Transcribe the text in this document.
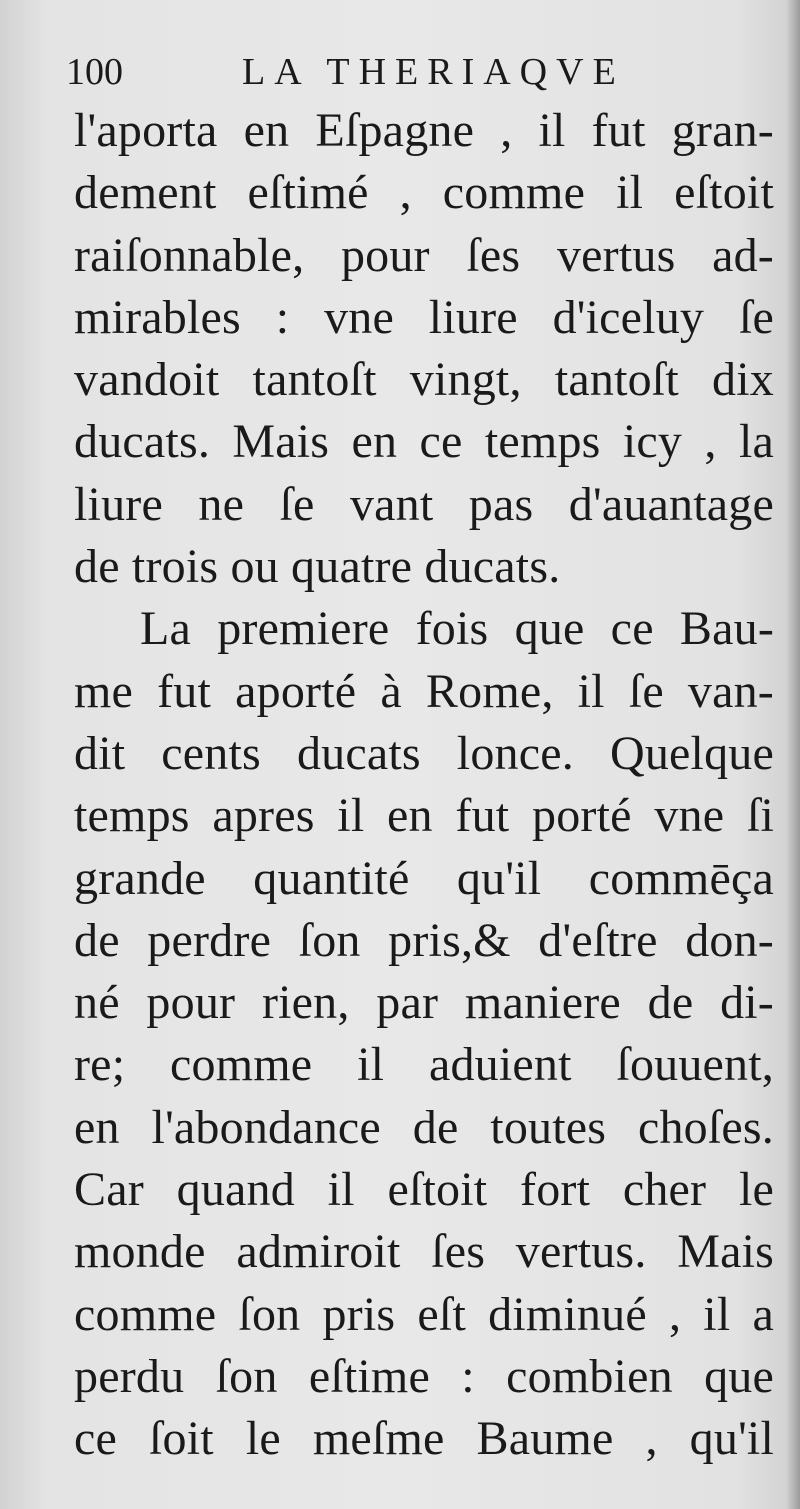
100	LA THERIAQVE
l'aporta en Eſpagne , il fut gran-
dement eſtimé , comme il eſtoit
raiſonnable, pour ſes vertus ad-
mirables : vne liure d'iceluy ſe
vandoit tantoſt vingt, tantoſt dix
ducats. Mais en ce temps icy , la
liure ne ſe vant pas d'auantage
de trois ou quatre ducats.
La premiere fois que ce Bau-
me fut aporté à Rome, il ſe van-
dit cents ducats lonce. Quelque
temps apres il en fut porté vne ſi
grande quantité qu'il commēça
de perdre ſon pris,& d'eſtre don-
né pour rien, par maniere de di-
re; comme il aduient ſouuent,
en l'abondance de toutes choſes.
Car quand il eſtoit fort cher le
monde admiroit ſes vertus. Mais
comme ſon pris eſt diminué , il a
perdu ſon eſtime : combien que
ce ſoit le meſme Baume , qu'il
